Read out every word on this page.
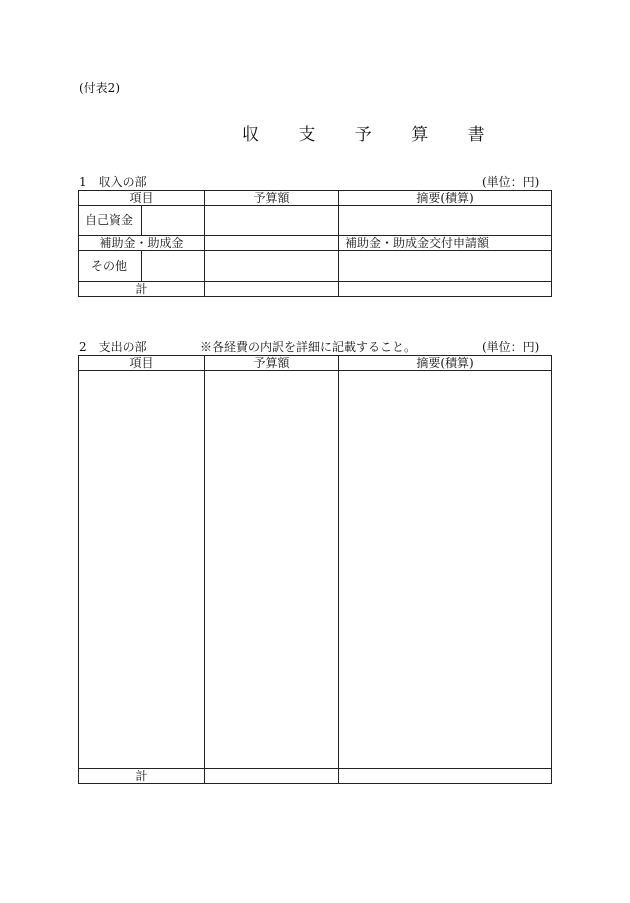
(付表2)
収 支 予 算 書
1　収入の部	(単位：円)
項目		予算額	摘要(積算)
自己資金			
補助金・助成金			補助金・助成金交付申請額
その他			
計			
2　支出の部	※各経費の内訳を詳細に記載すること。	(単位：円)
項目	予算額	摘要(積算)

計		
